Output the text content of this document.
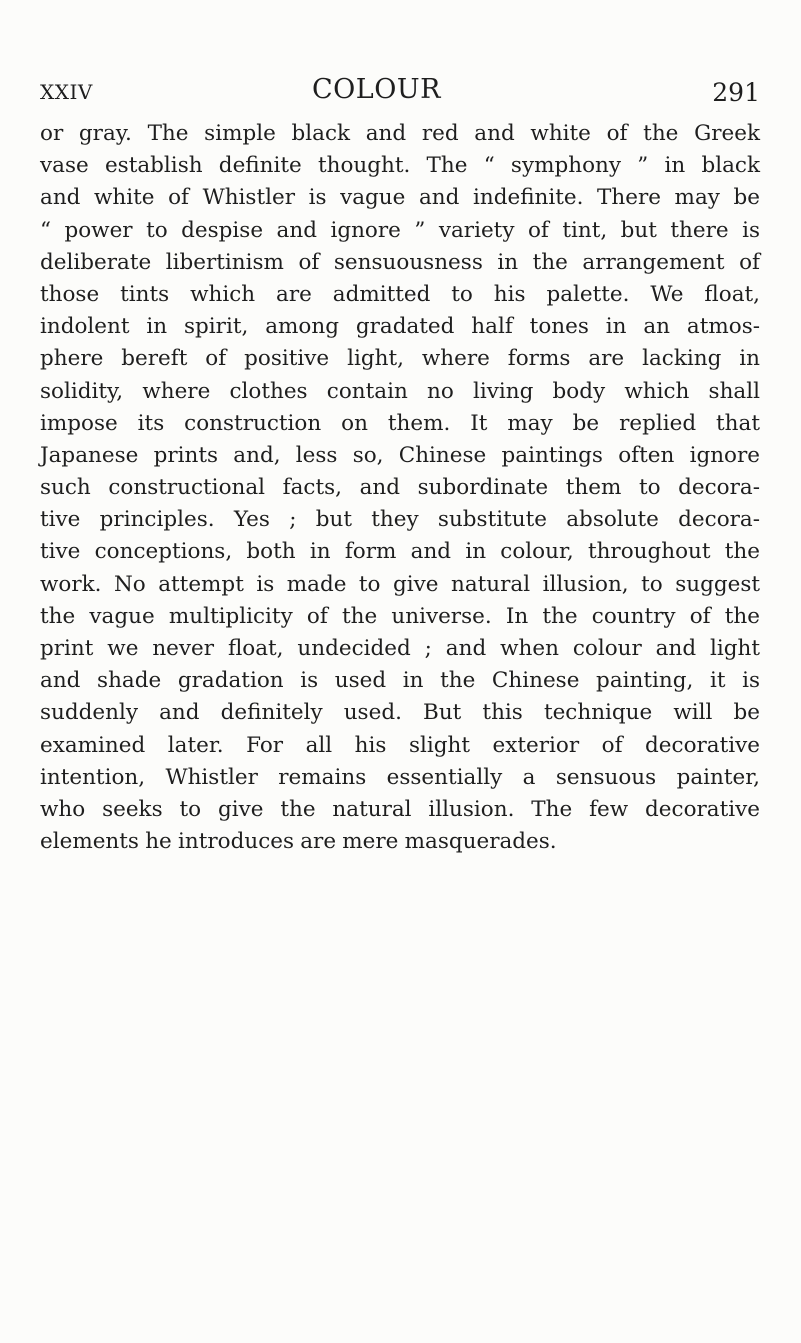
XXIV	COLOUR	291
or gray. The simple black and red and white of the Greek
vase establish definite thought. The “ symphony ” in black
and white of Whistler is vague and indefinite. There may be
“ power to despise and ignore ” variety of tint, but there is
deliberate libertinism of sensuousness in the arrangement of
those tints which are admitted to his palette. We float,
indolent in spirit, among gradated half tones in an atmos-
phere bereft of positive light, where forms are lacking in
solidity, where clothes contain no living body which shall
impose its construction on them. It may be replied that
Japanese prints and, less so, Chinese paintings often ignore
such constructional facts, and subordinate them to decora-
tive principles. Yes ; but they substitute absolute decora-
tive conceptions, both in form and in colour, throughout the
work. No attempt is made to give natural illusion, to suggest
the vague multiplicity of the universe. In the country of the
print we never float, undecided ; and when colour and light
and shade gradation is used in the Chinese painting, it is
suddenly and definitely used. But this technique will be
examined later. For all his slight exterior of decorative
intention, Whistler remains essentially a sensuous painter,
who seeks to give the natural illusion. The few decorative
elements he introduces are mere masquerades.
